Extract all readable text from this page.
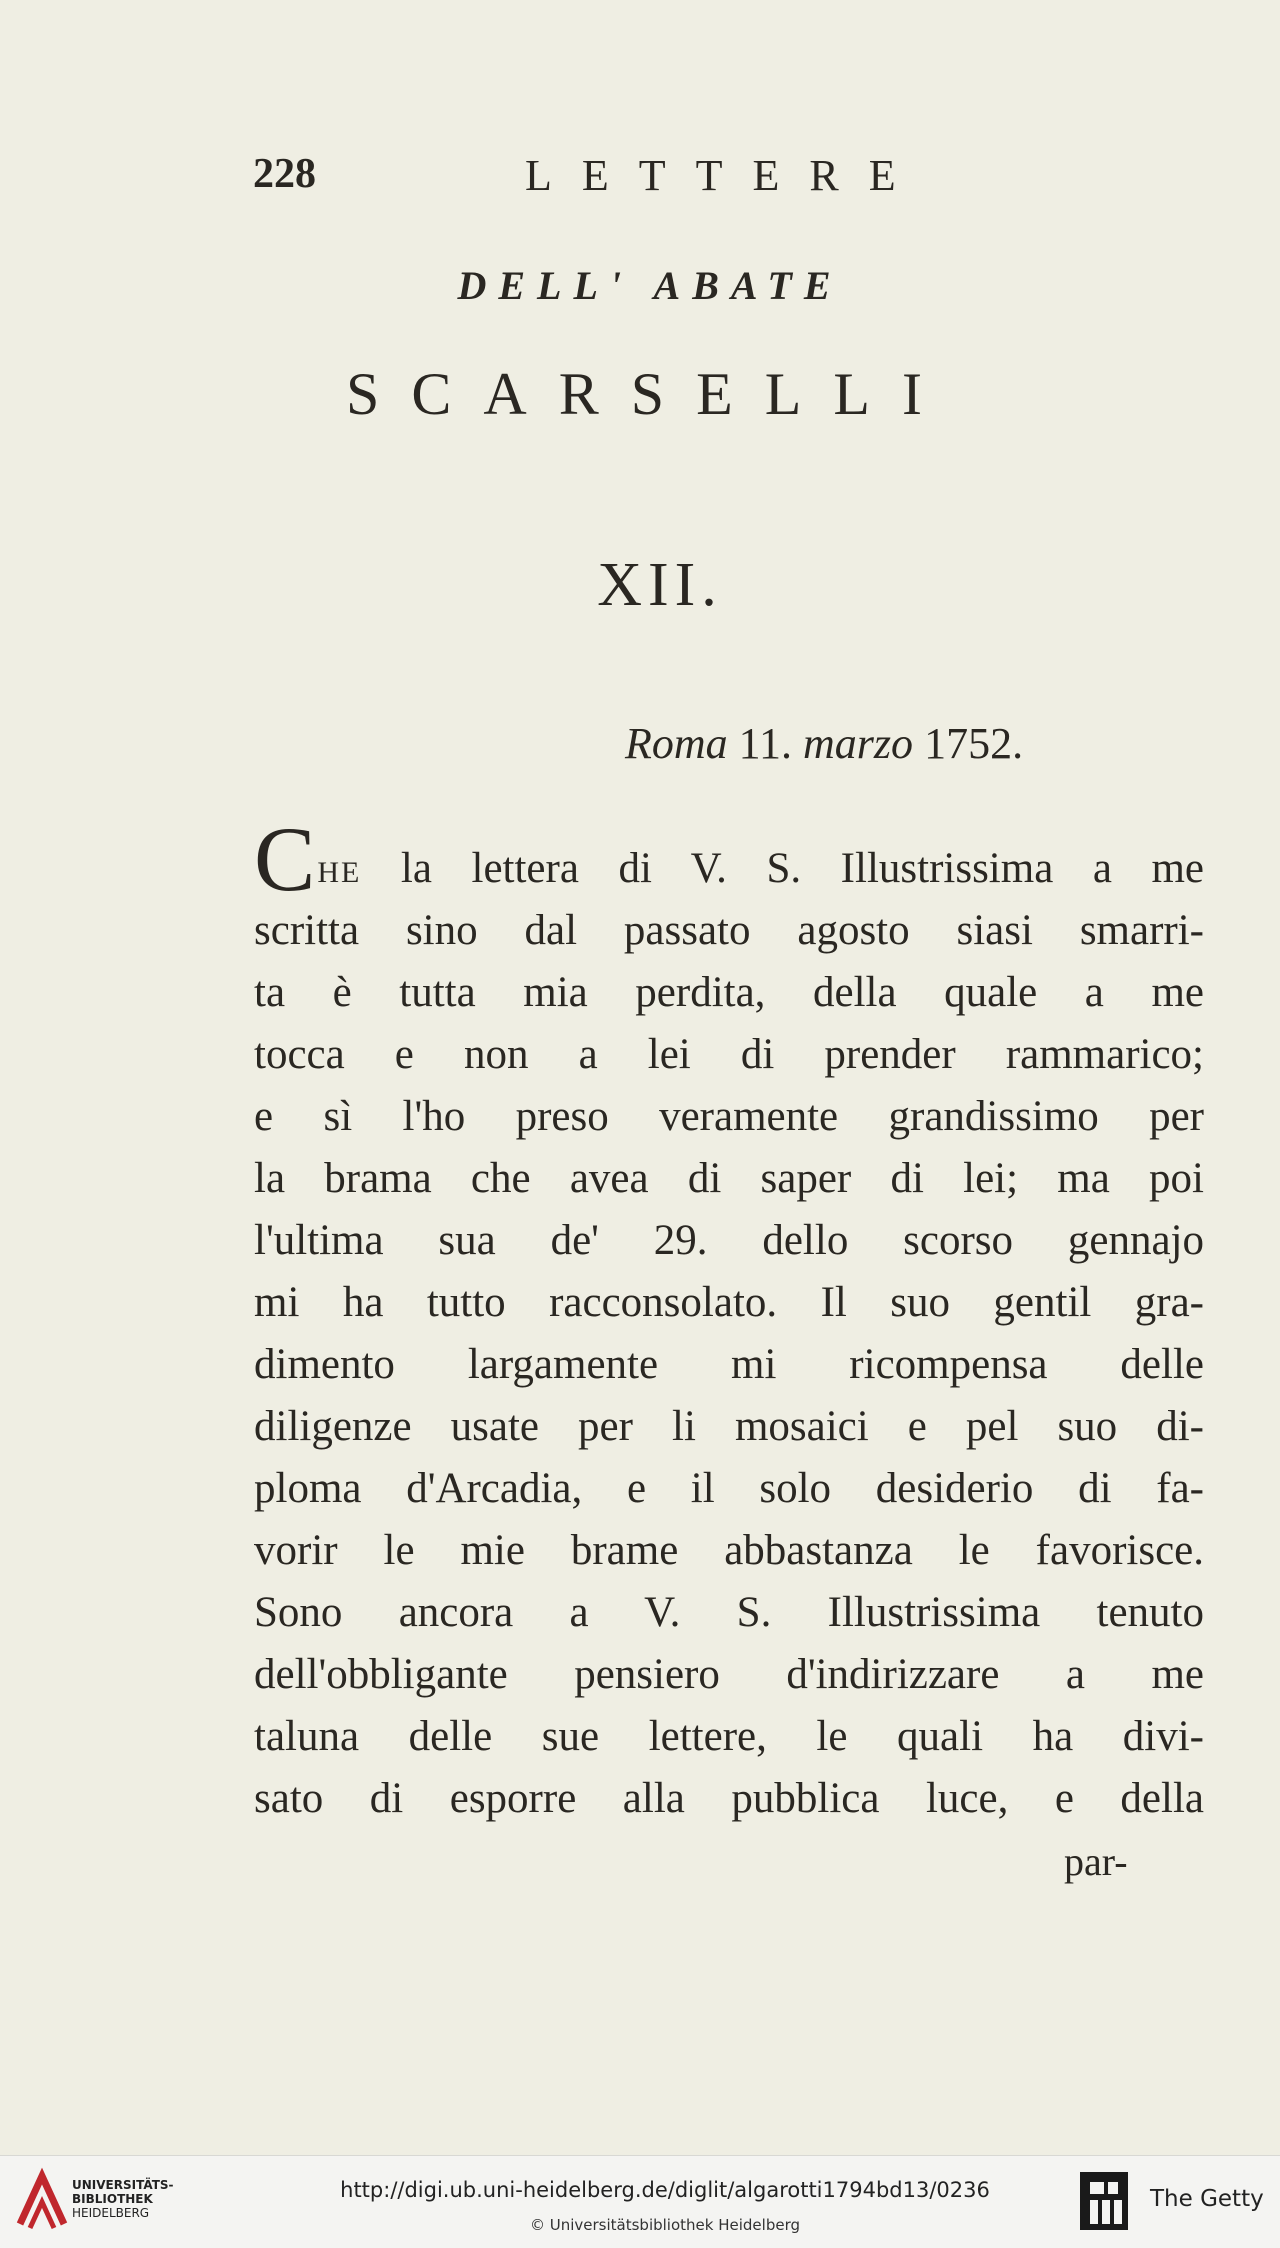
228	LETTERE
DELL' ABATE
SCARSELLI
XII.
Roma 11. marzo 1752.
CHE la lettera di V. S. Illustrissima a me
scritta sino dal passato agosto siasi smarri-
ta è tutta mia perdita, della quale a me
tocca e non a lei di prender rammarico;
e sì l'ho preso veramente grandissimo per
la brama che avea di saper di lei; ma poi
l'ultima sua de' 29. dello scorso gennajo
mi ha tutto racconsolato. Il suo gentil gra-
dimento largamente mi ricompensa delle
diligenze usate per li mosaici e pel suo di-
ploma d'Arcadia, e il solo desiderio di fa-
vorir le mie brame abbastanza le favorisce.
Sono ancora a V. S. Illustrissima tenuto
dell'obbligante pensiero d'indirizzare a me
taluna delle sue lettere, le quali ha divi-
sato di esporre alla pubblica luce, e della
par-
UNIVERSITÄTS-
BIBLIOTHEK
HEIDELBERG
http://digi.ub.uni-heidelberg.de/diglit/algarotti1794bd13/0236
© Universitätsbibliothek Heidelberg
The Getty
